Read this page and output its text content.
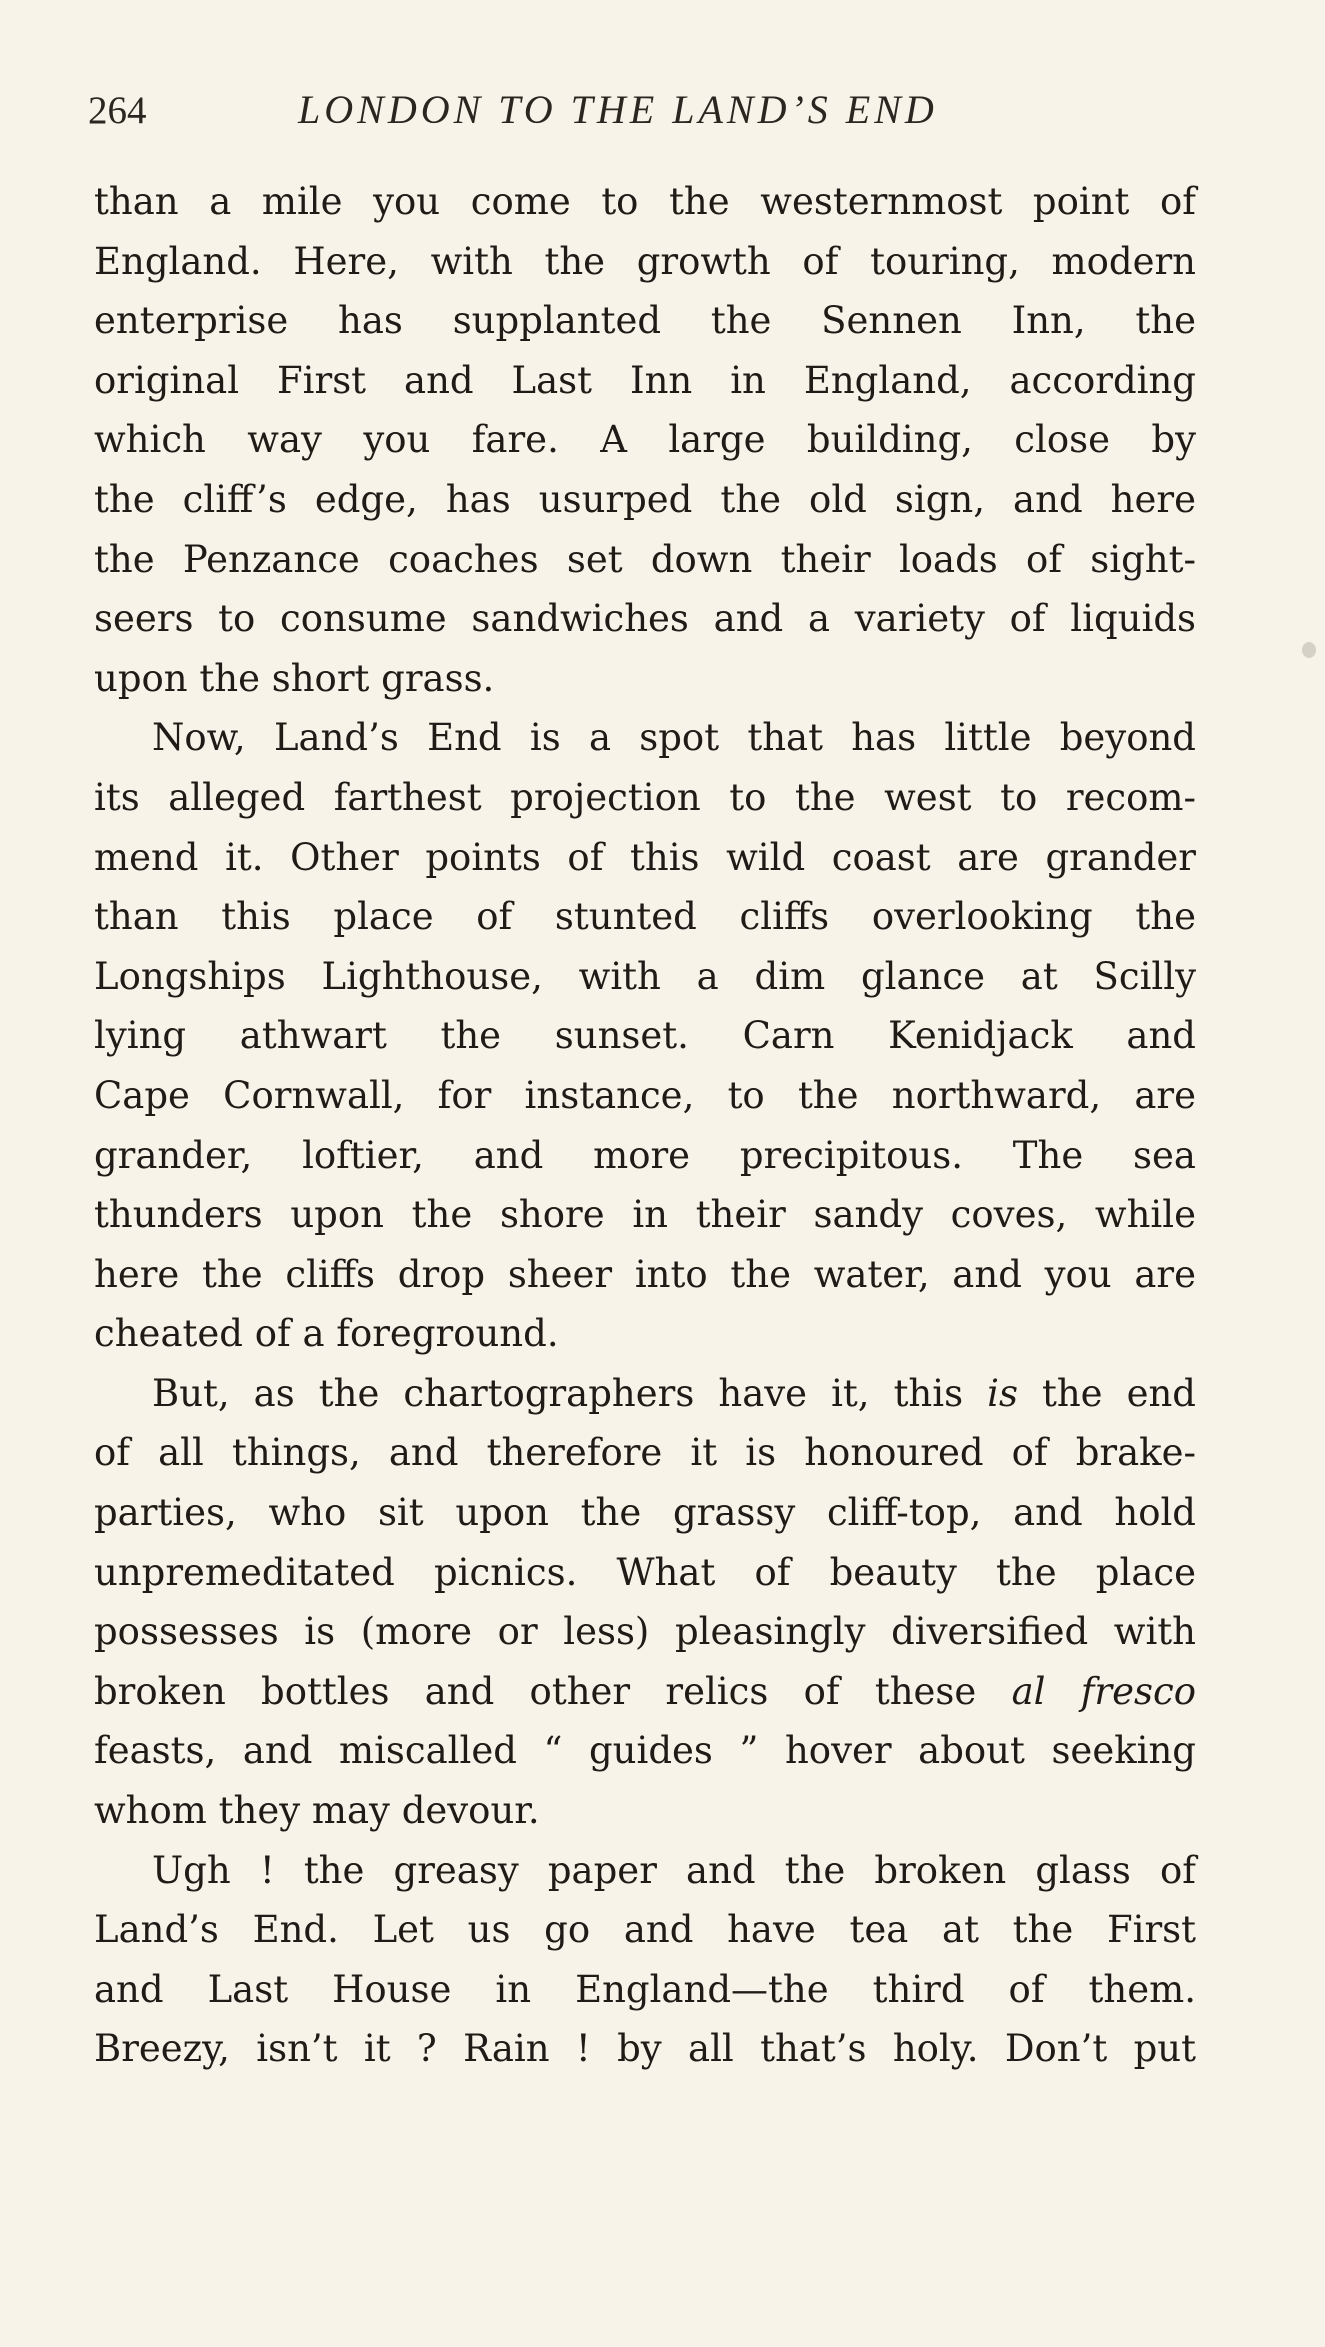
264	LONDON TO THE LAND’S END
than a mile you come to the westernmost point of
England. Here, with the growth of touring, modern
enterprise has supplanted the Sennen Inn, the
original First and Last Inn in England, according
which way you fare. A large building, close by
the cliff’s edge, has usurped the old sign, and here
the Penzance coaches set down their loads of sight-
seers to consume sandwiches and a variety of liquids
upon the short grass.
Now, Land’s End is a spot that has little beyond
its alleged farthest projection to the west to recom-
mend it. Other points of this wild coast are grander
than this place of stunted cliffs overlooking the
Longships Lighthouse, with a dim glance at Scilly
lying athwart the sunset. Carn Kenidjack and
Cape Cornwall, for instance, to the northward, are
grander, loftier, and more precipitous. The sea
thunders upon the shore in their sandy coves, while
here the cliffs drop sheer into the water, and you are
cheated of a foreground.
But, as the chartographers have it, this is the end
of all things, and therefore it is honoured of brake-
parties, who sit upon the grassy cliff-top, and hold
unpremeditated picnics. What of beauty the place
possesses is (more or less) pleasingly diversified with
broken bottles and other relics of these al fresco
feasts, and miscalled “ guides ” hover about seeking
whom they may devour.
Ugh ! the greasy paper and the broken glass of
Land’s End. Let us go and have tea at the First
and Last House in England—the third of them.
Breezy, isn’t it ? Rain ! by all that’s holy. Don’t put
